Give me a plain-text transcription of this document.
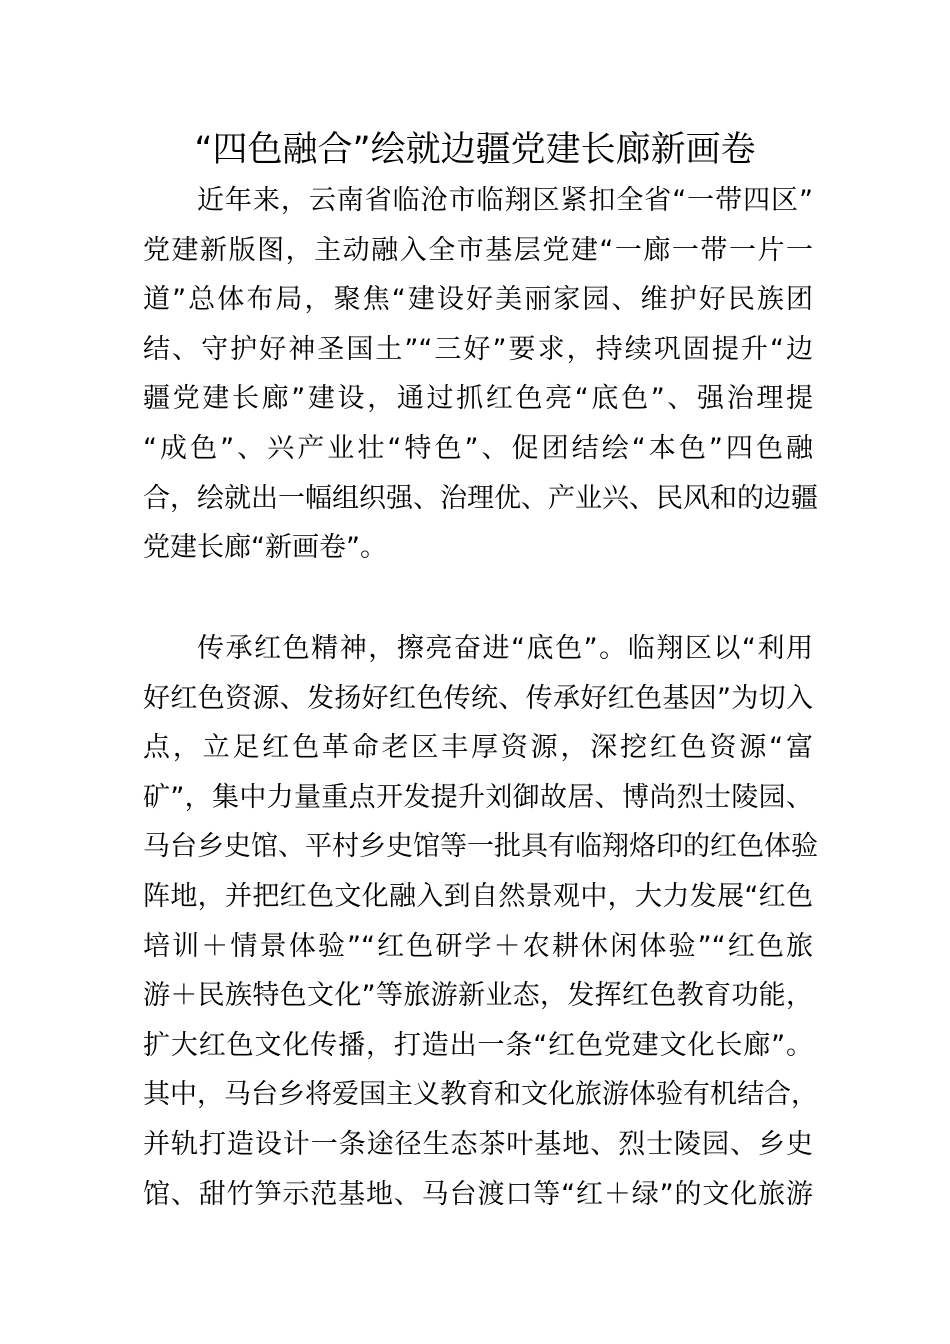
“四色融合”绘就边疆党建长廊新画卷
近年来，云南省临沧市临翔区紧扣全省“一带四区”
党建新版图，主动融入全市基层党建“一廊一带一片一
道”总体布局，聚焦“建设好美丽家园、维护好民族团
结、守护好神圣国土”“三好”要求，持续巩固提升“边
疆党建长廊”建设，通过抓红色亮“底色”、强治理提
“成色”、兴产业壮“特色”、促团结绘“本色”四色融
合，绘就出一幅组织强、治理优、产业兴、民风和的边疆
党建长廊“新画卷”。
传承红色精神，擦亮奋进“底色”。临翔区以“利用
好红色资源、发扬好红色传统、传承好红色基因”为切入
点，立足红色革命老区丰厚资源，深挖红色资源“富
矿”，集中力量重点开发提升刘御故居、博尚烈士陵园、
马台乡史馆、平村乡史馆等一批具有临翔烙印的红色体验
阵地，并把红色文化融入到自然景观中，大力发展“红色
培训＋情景体验”“红色研学＋农耕休闲体验”“红色旅
游＋民族特色文化”等旅游新业态，发挥红色教育功能，
扩大红色文化传播，打造出一条“红色党建文化长廊”。
其中，马台乡将爱国主义教育和文化旅游体验有机结合，
并轨打造设计一条途径生态茶叶基地、烈士陵园、乡史
馆、甜竹笋示范基地、马台渡口等“红＋绿”的文化旅游
